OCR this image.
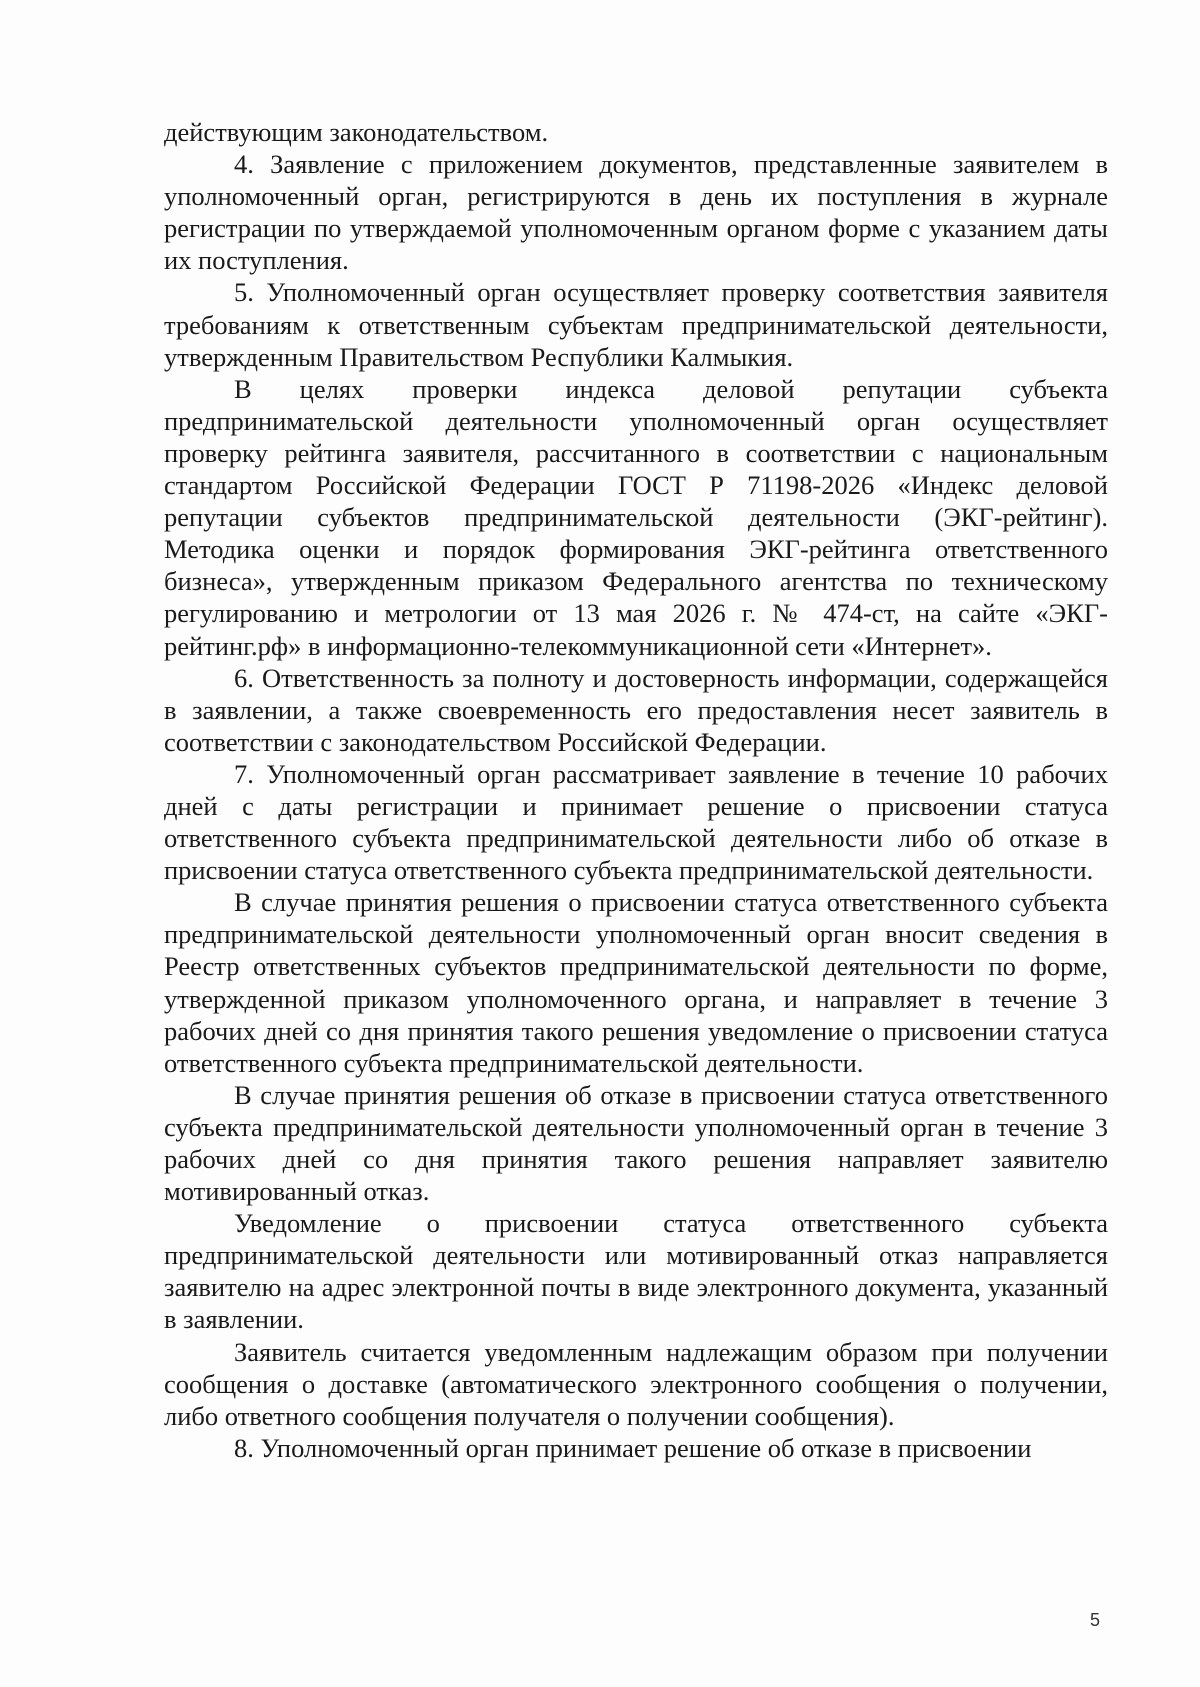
действующим законодательством.

4. Заявление с приложением документов, представленные заявителем в уполномоченный орган, регистрируются в день их поступления в журнале регистрации по утверждаемой уполномоченным органом форме с указанием даты их поступления.

5. Уполномоченный орган осуществляет проверку соответствия заявителя требованиям к ответственным субъектам предпринимательской деятельности, утвержденным Правительством Республики Калмыкия.

В целях проверки индекса деловой репутации субъекта предпринимательской деятельности уполномоченный орган осуществляет проверку рейтинга заявителя, рассчитанного в соответствии с национальным стандартом Российской Федерации ГОСТ Р 71198-2026 «Индекс деловой репутации субъектов предпринимательской деятельности (ЭКГ-рейтинг). Методика оценки и порядок формирования ЭКГ-рейтинга ответственного бизнеса», утвержденным приказом Федерального агентства по техническому регулированию и метрологии от 13 мая 2026 г. № 474-ст, на сайте «ЭКГ-рейтинг.рф» в информационно-телекоммуникационной сети «Интернет».

6. Ответственность за полноту и достоверность информации, содержащейся в заявлении, а также своевременность его предоставления несет заявитель в соответствии с законодательством Российской Федерации.

7. Уполномоченный орган рассматривает заявление в течение 10 рабочих дней с даты регистрации и принимает решение о присвоении статуса ответственного субъекта предпринимательской деятельности либо об отказе в присвоении статуса ответственного субъекта предпринимательской деятельности.

В случае принятия решения о присвоении статуса ответственного субъекта предпринимательской деятельности уполномоченный орган вносит сведения в Реестр ответственных субъектов предпринимательской деятельности по форме, утвержденной приказом уполномоченного органа, и направляет в течение 3 рабочих дней со дня принятия такого решения уведомление о присвоении статуса ответственного субъекта предпринимательской деятельности.

В случае принятия решения об отказе в присвоении статуса ответственного субъекта предпринимательской деятельности уполномоченный орган в течение 3 рабочих дней со дня принятия такого решения направляет заявителю мотивированный отказ.

Уведомление о присвоении статуса ответственного субъекта предпринимательской деятельности или мотивированный отказ направляется заявителю на адрес электронной почты в виде электронного документа, указанный в заявлении.

Заявитель считается уведомленным надлежащим образом при получении сообщения о доставке (автоматического электронного сообщения о получении, либо ответного сообщения получателя о получении сообщения).

8. Уполномоченный орган принимает решение об отказе в присвоении

5
